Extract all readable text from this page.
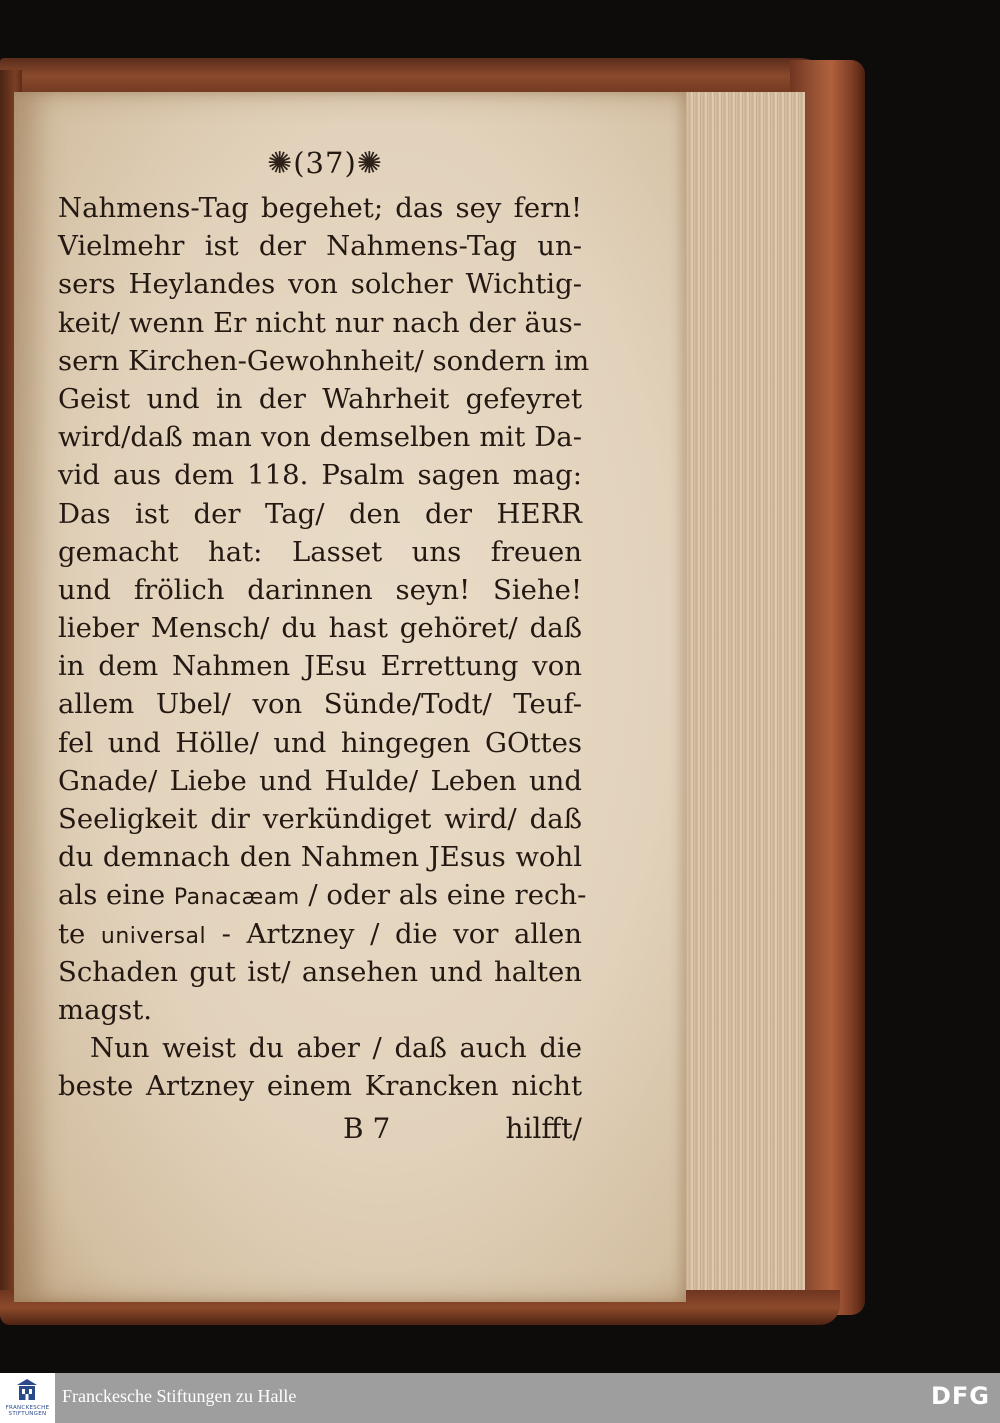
✺(37)✺
Nahmens-Tag begehet; das sey fern!
Vielmehr ist der Nahmens-Tag un-
sers Heylandes von solcher Wichtig-
keit/ wenn Er nicht nur nach der äus-
sern Kirchen-Gewohnheit/ sondern im
Geist und in der Wahrheit gefeyret
wird/daß man von demselben mit Da-
vid aus dem 118. Psalm sagen mag:
Das ist der Tag/ den der HERR
gemacht hat: Lasset uns freuen
und frölich darinnen seyn! Siehe!
lieber Mensch/ du hast gehöret/ daß
in dem Nahmen JEsu Errettung von
allem Ubel/ von Sünde/Todt/ Teuf-
fel und Hölle/ und hingegen GOttes
Gnade/ Liebe und Hulde/ Leben und
Seeligkeit dir verkündiget wird/ daß
du demnach den Nahmen JEsus wohl
als eine Panacæam / oder als eine rech-
te universal - Artzney / die vor allen
Schaden gut ist/ ansehen und halten
magst.
Nun weist du aber / daß auch die
beste Artzney einem Krancken nicht
B 7	hilfft/
FRANCKESCHE
STIFTUNGEN
Franckesche Stiftungen zu Halle	DFG
